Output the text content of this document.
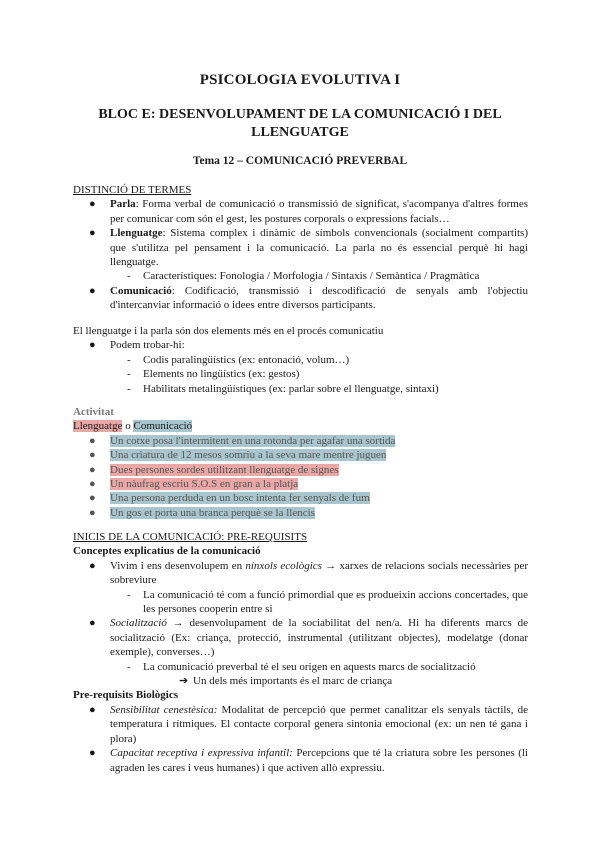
PSICOLOGIA EVOLUTIVA I
BLOC E: DESENVOLUPAMENT DE LA COMUNICACIÓ I DEL LLENGUATGE
Tema 12 – COMUNICACIÓ PREVERBAL
DISTINCIÓ DE TERMES
● Parla: Forma verbal de comunicació o transmissió de significat, s'acompanya d'altres formes per comunicar com són el gest, les postures corporals o expressions facials…
● Llenguatge: Sistema complex i dinàmic de símbols convencionals (socialment compartits) que s'utilitza pel pensament i la comunicació. La parla no és essencial perquè hi hagi llenguatge.
- Característiques: Fonologia / Morfologia / Sintaxis / Semàntica / Pragmàtica
● Comunicació: Codificació, transmissió i descodificació de senyals amb l'objectiu d'intercanviar informació o idees entre diversos participants.
El llenguatge i la parla són dos elements més en el procés comunicatiu
● Podem trobar-hi:
- Codis paralingüístics (ex: entonació, volum…)
- Elements no lingüístics (ex: gestos)
- Habilitats metalingüístiques (ex: parlar sobre el llenguatge, sintaxi)
Activitat
Llenguatge o Comunicació
● Un cotxe posa l'intermitent en una rotonda per agafar una sortida
● Una criatura de 12 mesos somriu a la seva mare mentre juguen
● Dues persones sordes utilitzant llenguatge de signes
● Un nàufrag escriu S.O.S en gran a la platja
● Una persona perduda en un bosc intenta fer senyals de fum
● Un gos et porta una branca perquè se la llencis
INICIS DE LA COMUNICACIÓ: PRE-REQUISITS
Conceptes explicatius de la comunicació
● Vivim i ens desenvolupem en nínxols ecològics → xarxes de relacions socials necessàries per sobreviure
- La comunicació té com a funció primordial que es produeixin accions concertades, que les persones cooperin entre si
● Socialització → desenvolupament de la sociabilitat del nen/a. Hi ha diferents marcs de socialització (Ex: criança, protecció, instrumental (utilitzant objectes), modelatge (donar exemple), converses…)
- La comunicació preverbal té el seu origen en aquests marcs de socialització
➔ Un dels més importants és el marc de criança
Pre-requisits Biològics
● Sensibilitat cenestèsica: Modalitat de percepció que permet canalitzar els senyals tàctils, de temperatura i rítmiques. El contacte corporal genera sintonia emocional (ex: un nen té gana i plora)
● Capacitat receptiva i expressiva infantil: Percepcions que té la criatura sobre les persones (li agraden les cares i veus humanes) i que activen allò expressiu.
